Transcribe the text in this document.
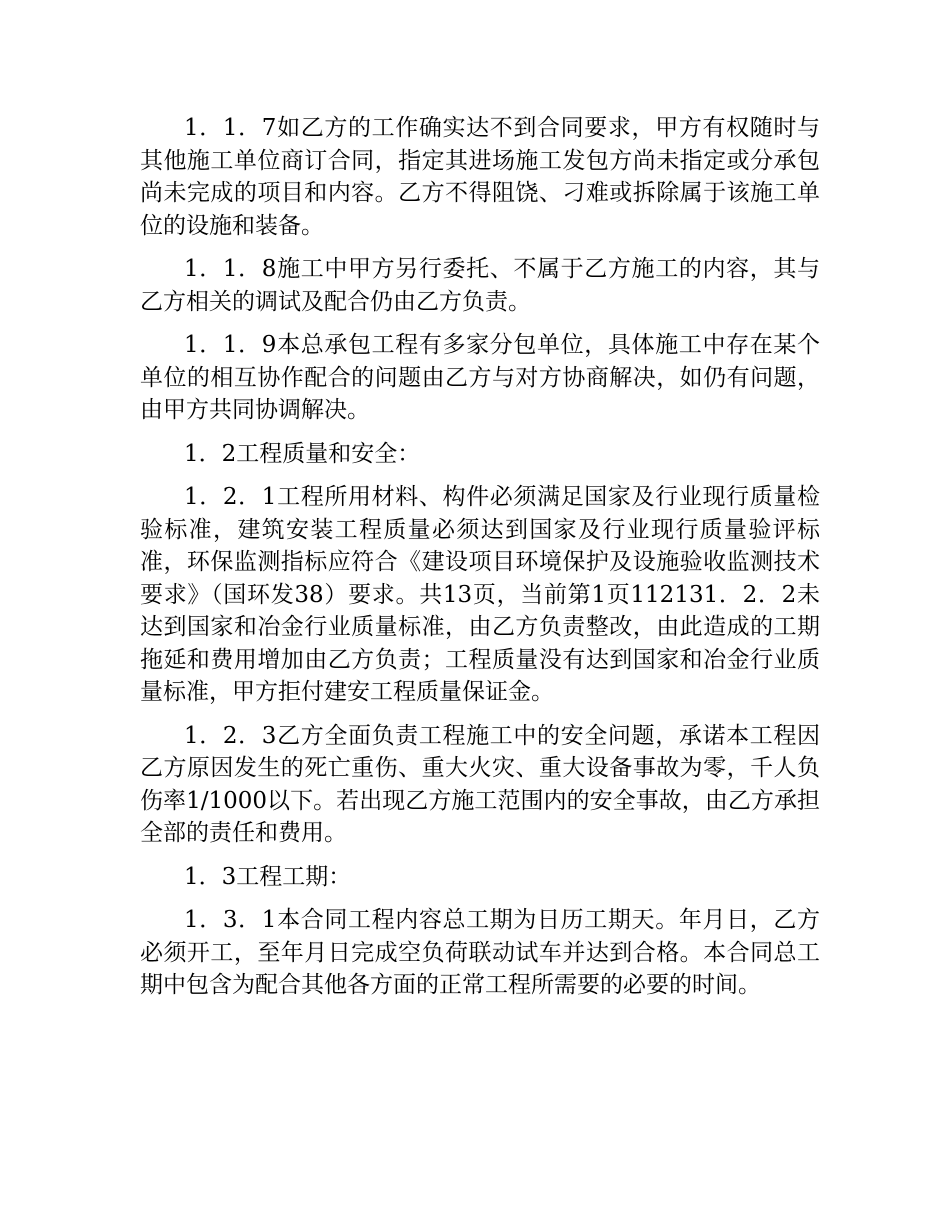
1．1．7如乙方的工作确实达不到合同要求，甲方有权随时与其他施工单位商订合同，指定其进场施工发包方尚未指定或分承包尚未完成的项目和内容。乙方不得阻饶、刁难或拆除属于该施工单位的设施和装备。

1．1．8施工中甲方另行委托、不属于乙方施工的内容，其与乙方相关的调试及配合仍由乙方负责。

1．1．9本总承包工程有多家分包单位，具体施工中存在某个单位的相互协作配合的问题由乙方与对方协商解决，如仍有问题，由甲方共同协调解决。

1．2工程质量和安全：

1．2．1工程所用材料、构件必须满足国家及行业现行质量检验标准，建筑安装工程质量必须达到国家及行业现行质量验评标准，环保监测指标应符合《建设项目环境保护及设施验收监测技术要求》（国环发38）要求。共13页，当前第1页112131．2．2未达到国家和冶金行业质量标准，由乙方负责整改，由此造成的工期拖延和费用增加由乙方负责；工程质量没有达到国家和冶金行业质量标准，甲方拒付建安工程质量保证金。

1．2．3乙方全面负责工程施工中的安全问题，承诺本工程因乙方原因发生的死亡重伤、重大火灾、重大设备事故为零，千人负伤率1/1000以下。若出现乙方施工范围内的安全事故，由乙方承担全部的责任和费用。

1．3工程工期：

1．3．1本合同工程内容总工期为日历工期天。年月日，乙方必须开工，至年月日完成空负荷联动试车并达到合格。本合同总工期中包含为配合其他各方面的正常工程所需要的必要的时间。
